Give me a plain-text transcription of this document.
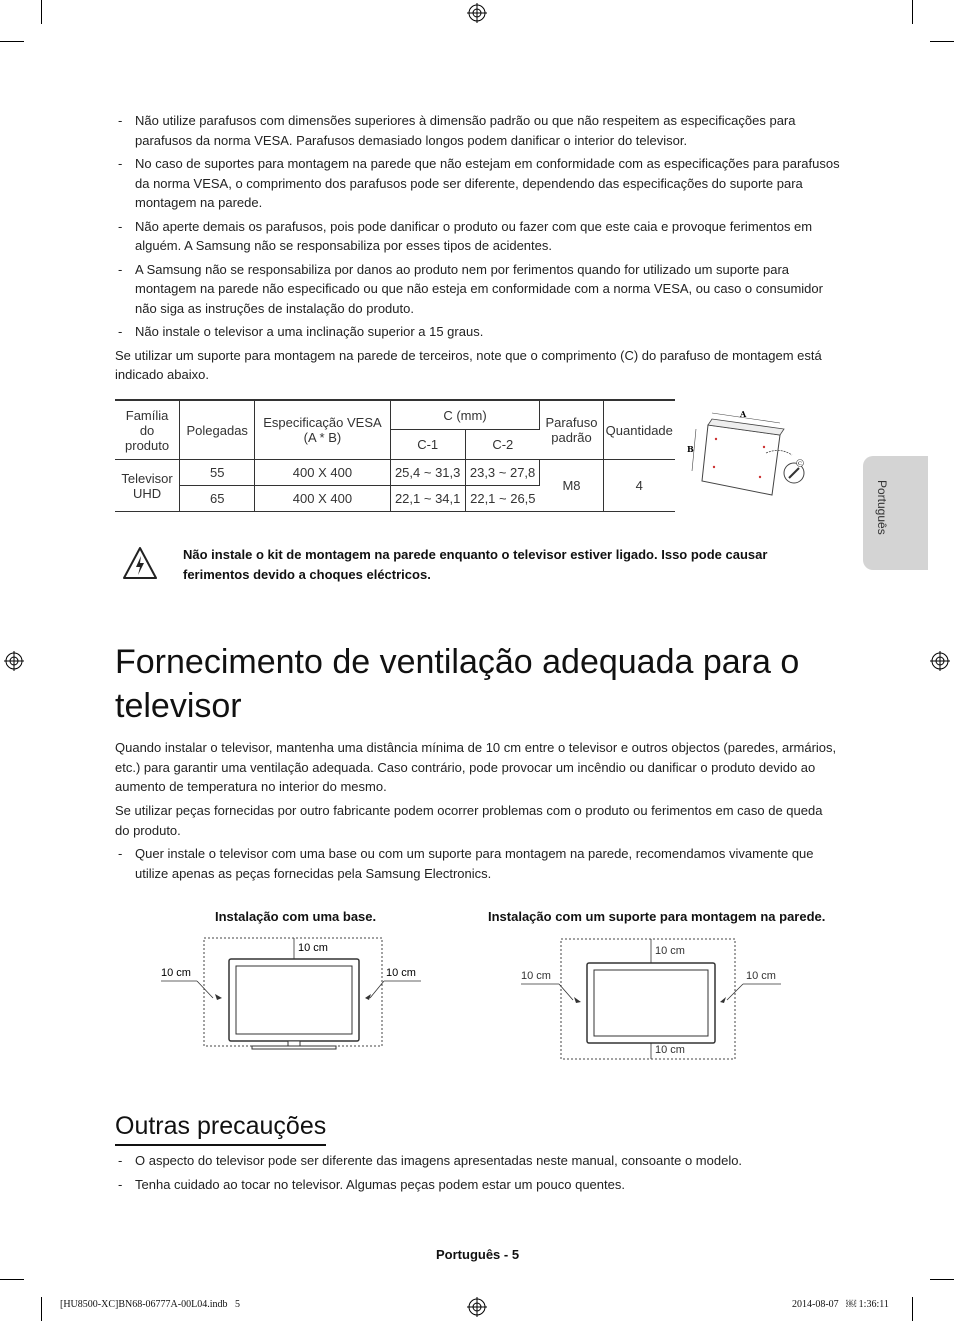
Português
- Não utilize parafusos com dimensões superiores à dimensão padrão ou que não respeitem as especificações para parafusos da norma VESA. Parafusos demasiado longos podem danificar o interior do televisor.
- No caso de suportes para montagem na parede que não estejam em conformidade com as especificações para parafusos da norma VESA, o comprimento dos parafusos pode ser diferente, dependendo das especificações do suporte para montagem na parede.
- Não aperte demais os parafusos, pois pode danificar o produto ou fazer com que este caia e provoque ferimentos em alguém. A Samsung não se responsabiliza por esses tipos de acidentes.
- A Samsung não se responsabiliza por danos ao produto nem por ferimentos quando for utilizado um suporte para montagem na parede não especificado ou que não esteja em conformidade com a norma VESA, ou caso o consumidor não siga as instruções de instalação do produto.
- Não instale o televisor a uma inclinação superior a 15 graus.
Se utilizar um suporte para montagem na parede de terceiros, note que o comprimento (C) do parafuso de montagem está indicado abaixo.
Família do produto	Polegadas	Especificação VESA (A * B)	C (mm)		Parafuso padrão	Quantidade
			C-1	C-2		
Televisor UHD	55	400 X 400	25,4 ~ 31,3	23,3 ~ 27,8	M8	4
	65	400 X 400	22,1 ~ 34,1	22,1 ~ 26,5		
A
B
C
Não instale o kit de montagem na parede enquanto o televisor estiver ligado. Isso pode causar ferimentos devido a choques eléctricos.
Fornecimento de ventilação adequada para o televisor
Quando instalar o televisor, mantenha uma distância mínima de 10 cm entre o televisor e outros objectos (paredes, armários, etc.) para garantir uma ventilação adequada. Caso contrário, pode provocar um incêndio ou danificar o produto devido ao aumento de temperatura no interior do mesmo.
Se utilizar peças fornecidas por outro fabricante podem ocorrer problemas com o produto ou ferimentos em caso de queda do produto.
- Quer instale o televisor com uma base ou com um suporte para montagem na parede, recomendamos vivamente que utilize apenas as peças fornecidas pela Samsung Electronics.
Instalação com uma base.	Instalação com um suporte para montagem na parede.
10 cm
10 cm	10 cm
10 cm
10 cm	10 cm
10 cm
Outras precauções
- O aspecto do televisor pode ser diferente das imagens apresentadas neste manual, consoante o modelo.
- Tenha cuidado ao tocar no televisor. Algumas peças podem estar um pouco quentes.
Português - 5
[HU8500-XC]BN68-06777A-00L04.indb   5	2014-08-07   ￼ 1:36:11
